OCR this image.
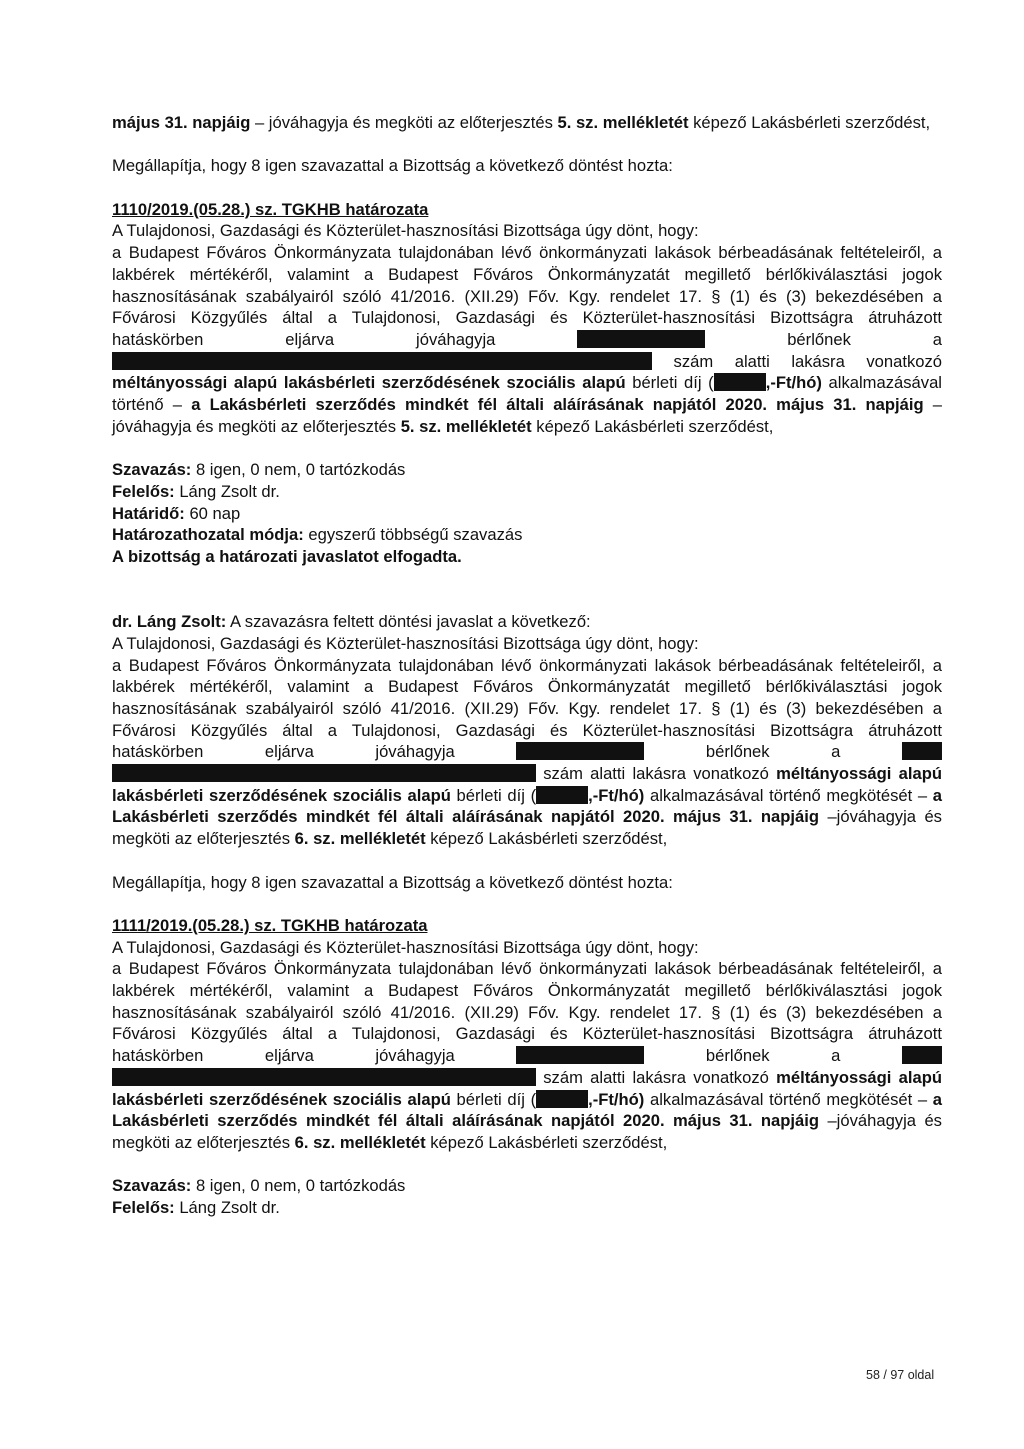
május 31. napjáig – jóváhagyja és megköti az előterjesztés 5. sz. mellékletét képező Lakásbérleti szerződést,

Megállapítja, hogy 8 igen szavazattal a Bizottság a következő döntést hozta:

1110/2019.(05.28.) sz. TGKHB határozata

A Tulajdonosi, Gazdasági és Közterület-hasznosítási Bizottsága úgy dönt, hogy:

a Budapest Főváros Önkormányzata tulajdonában lévő önkormányzati lakások bérbeadásának feltételeiről, a lakbérek mértékéről, valamint a Budapest Főváros Önkormányzatát megillető bérlőkiválasztási jogok hasznosításának szabályairól szóló 41/2016. (XII.29) Főv. Kgy. rendelet 17. § (1) és (3) bekezdésében a Fővárosi Közgyűlés által a Tulajdonosi, Gazdasági és Közterület-hasznosítási Bizottságra átruházott hatáskörben eljárva jóváhagyja	bérlőnek a  szám alatti lakásra vonatkozó méltányossági alapú lakásbérleti szerződésének szociális alapú bérleti díj (	,-Ft/hó) alkalmazásával történő – a Lakásbérleti szerződés mindkét fél általi aláírásának napjától 2020. május 31. napjáig – jóváhagyja és megköti az előterjesztés 5. sz. mellékletét képező Lakásbérleti szerződést,

Szavazás: 8 igen, 0 nem, 0 tartózkodás

Felelős: Láng Zsolt dr.

Határidő: 60 nap

Határozathozatal módja: egyszerű többségű szavazás

A bizottság a határozati javaslatot elfogadta.

dr. Láng Zsolt: A szavazásra feltett döntési javaslat a következő:

A Tulajdonosi, Gazdasági és Közterület-hasznosítási Bizottsága úgy dönt, hogy:

a Budapest Főváros Önkormányzata tulajdonában lévő önkormányzati lakások bérbeadásának feltételeiről, a lakbérek mértékéről, valamint a Budapest Főváros Önkormányzatát megillető bérlőkiválasztási jogok hasznosításának szabályairól szóló 41/2016. (XII.29) Főv. Kgy. rendelet 17. § (1) és (3) bekezdésében a Fővárosi Közgyűlés által a Tulajdonosi, Gazdasági és Közterület-hasznosítási Bizottságra átruházott hatáskörben eljárva jóváhagyja	bérlőnek a   szám alatti lakásra vonatkozó méltányossági alapú lakásbérleti szerződésének szociális alapú bérleti díj (	,-Ft/hó) alkalmazásával történő megkötését – a Lakásbérleti szerződés mindkét fél általi aláírásának napjától 2020. május 31. napjáig –jóváhagyja és megköti az előterjesztés 6. sz. mellékletét képező Lakásbérleti szerződést,

Megállapítja, hogy 8 igen szavazattal a Bizottság a következő döntést hozta:

1111/2019.(05.28.) sz. TGKHB határozata

A Tulajdonosi, Gazdasági és Közterület-hasznosítási Bizottsága úgy dönt, hogy:

a Budapest Főváros Önkormányzata tulajdonában lévő önkormányzati lakások bérbeadásának feltételeiről, a lakbérek mértékéről, valamint a Budapest Főváros Önkormányzatát megillető bérlőkiválasztási jogok hasznosításának szabályairól szóló 41/2016. (XII.29) Főv. Kgy. rendelet 17. § (1) és (3) bekezdésében a Fővárosi Közgyűlés által a Tulajdonosi, Gazdasági és Közterület-hasznosítási Bizottságra átruházott hatáskörben eljárva jóváhagyja	bérlőnek a   szám alatti lakásra vonatkozó méltányossági alapú lakásbérleti szerződésének szociális alapú bérleti díj (	,-Ft/hó) alkalmazásával történő megkötését – a Lakásbérleti szerződés mindkét fél általi aláírásának napjától 2020. május 31. napjáig –jóváhagyja és megköti az előterjesztés 6. sz. mellékletét képező Lakásbérleti szerződést,

Szavazás: 8 igen, 0 nem, 0 tartózkodás

Felelős: Láng Zsolt dr.

58 / 97 oldal
